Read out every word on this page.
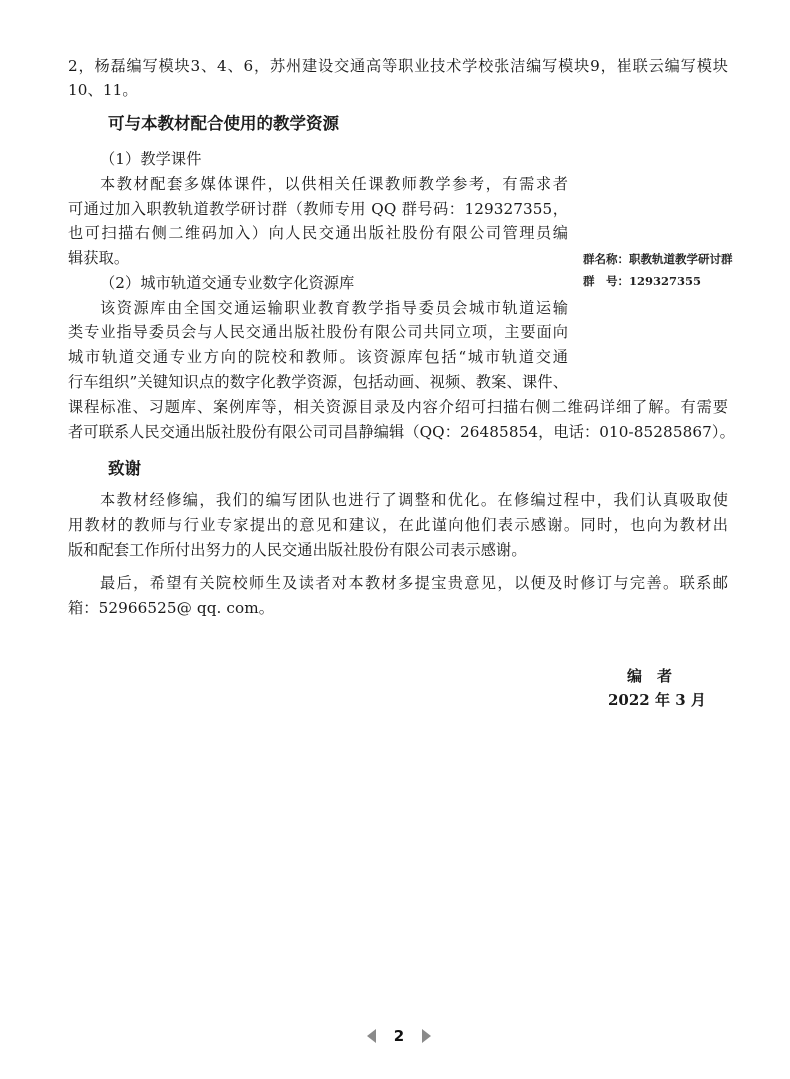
2，杨磊编写模块3、4、6，苏州建设交通高等职业技术学校张洁编写模块9，崔联云编写模块
10、11。
可与本教材配合使用的教学资源
（1）教学课件
本教材配套多媒体课件，以供相关任课教师教学参考，有需求者
可通过加入职教轨道教学研讨群（教师专用 QQ 群号码：129327355，
也可扫描右侧二维码加入）向人民交通出版社股份有限公司管理员编
辑获取。
（2）城市轨道交通专业数字化资源库
该资源库由全国交通运输职业教育教学指导委员会城市轨道运输
类专业指导委员会与人民交通出版社股份有限公司共同立项，主要面向
城市轨道交通专业方向的院校和教师。该资源库包括“城市轨道交通
行车组织”关键知识点的数字化教学资源，包括动画、视频、教案、课件、
课程标准、习题库、案例库等，相关资源目录及内容介绍可扫描右侧二维码详细了解。有需要
者可联系人民交通出版社股份有限公司司昌静编辑（QQ：26485854，电话：010-85285867）。
群名称：职教轨道教学研讨群
群　号：129327355
致谢
本教材经修编，我们的编写团队也进行了调整和优化。在修编过程中，我们认真吸取使
用教材的教师与行业专家提出的意见和建议，在此谨向他们表示感谢。同时，也向为教材出
版和配套工作所付出努力的人民交通出版社股份有限公司表示感谢。
最后，希望有关院校师生及读者对本教材多提宝贵意见，以便及时修订与完善。联系邮
箱：52966525@ qq. com。
编　者
2022 年 3 月
2
